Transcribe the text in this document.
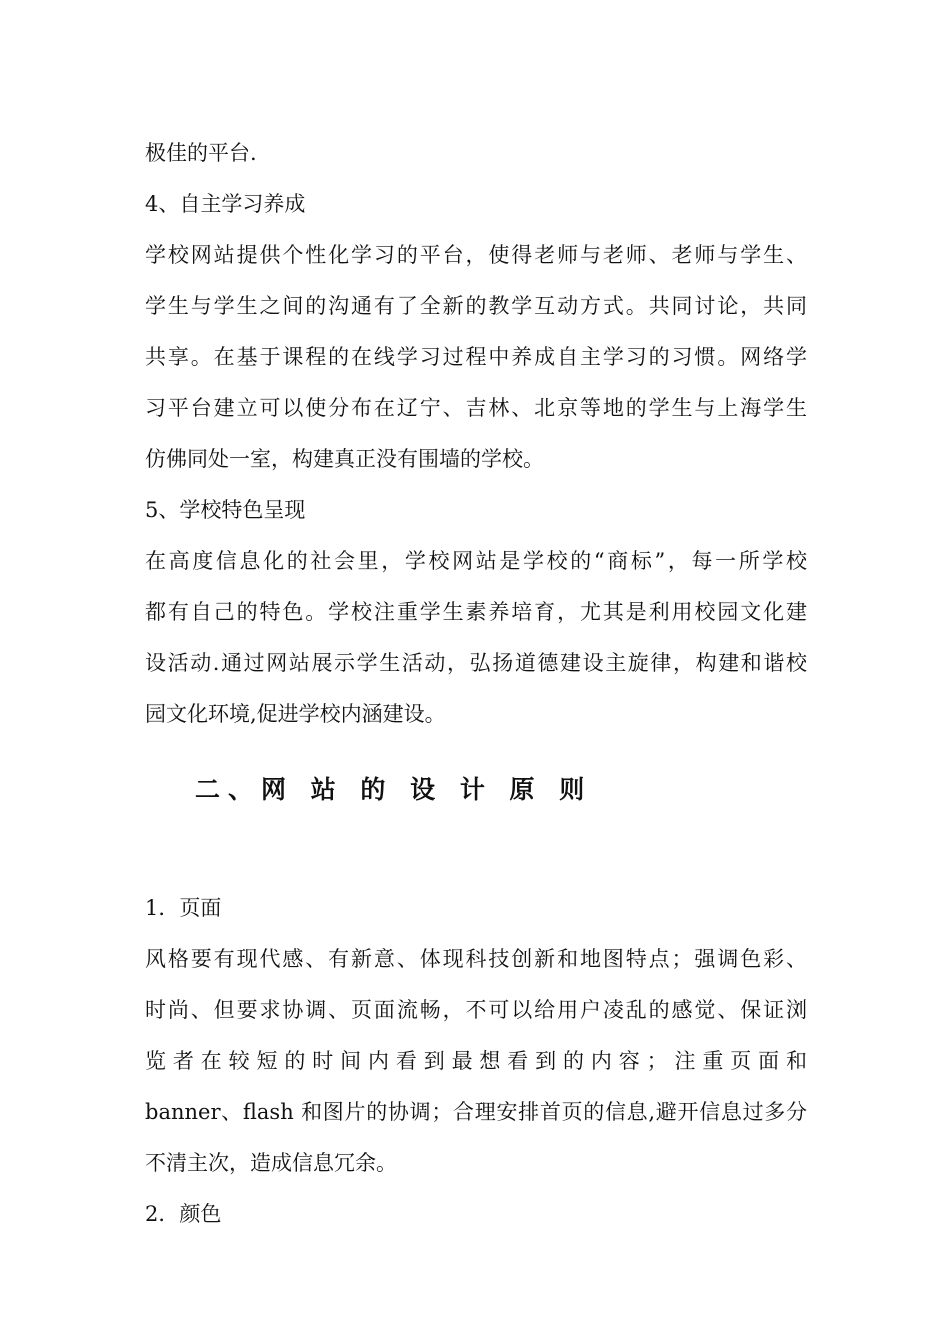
极佳的平台.
4、自主学习养成
学校网站提供个性化学习的平台，使得老师与老师、老师与学生、
学生与学生之间的沟通有了全新的教学互动方式。共同讨论，共同
共享。在基于课程的在线学习过程中养成自主学习的习惯。网络学
习平台建立可以使分布在辽宁、吉林、北京等地的学生与上海学生
仿佛同处一室，构建真正没有围墙的学校。
5、学校特色呈现
在高度信息化的社会里，学校网站是学校的“商标”，每一所学校
都有自己的特色。学校注重学生素养培育，尤其是利用校园文化建
设活动.通过网站展示学生活动，弘扬道德建设主旋律，构建和谐校
园文化环境,促进学校内涵建设。
二、网 站 的 设 计 原 则
1．页面
风格要有现代感、有新意、体现科技创新和地图特点；强调色彩、
时尚、但要求协调、页面流畅，不可以给用户凌乱的感觉、保证浏
览者在较短的时间内看到最想看到的内容；注重页面和
banner、flash 和图片的协调；合理安排首页的信息,避开信息过多分
不清主次，造成信息冗余。
2．颜色
